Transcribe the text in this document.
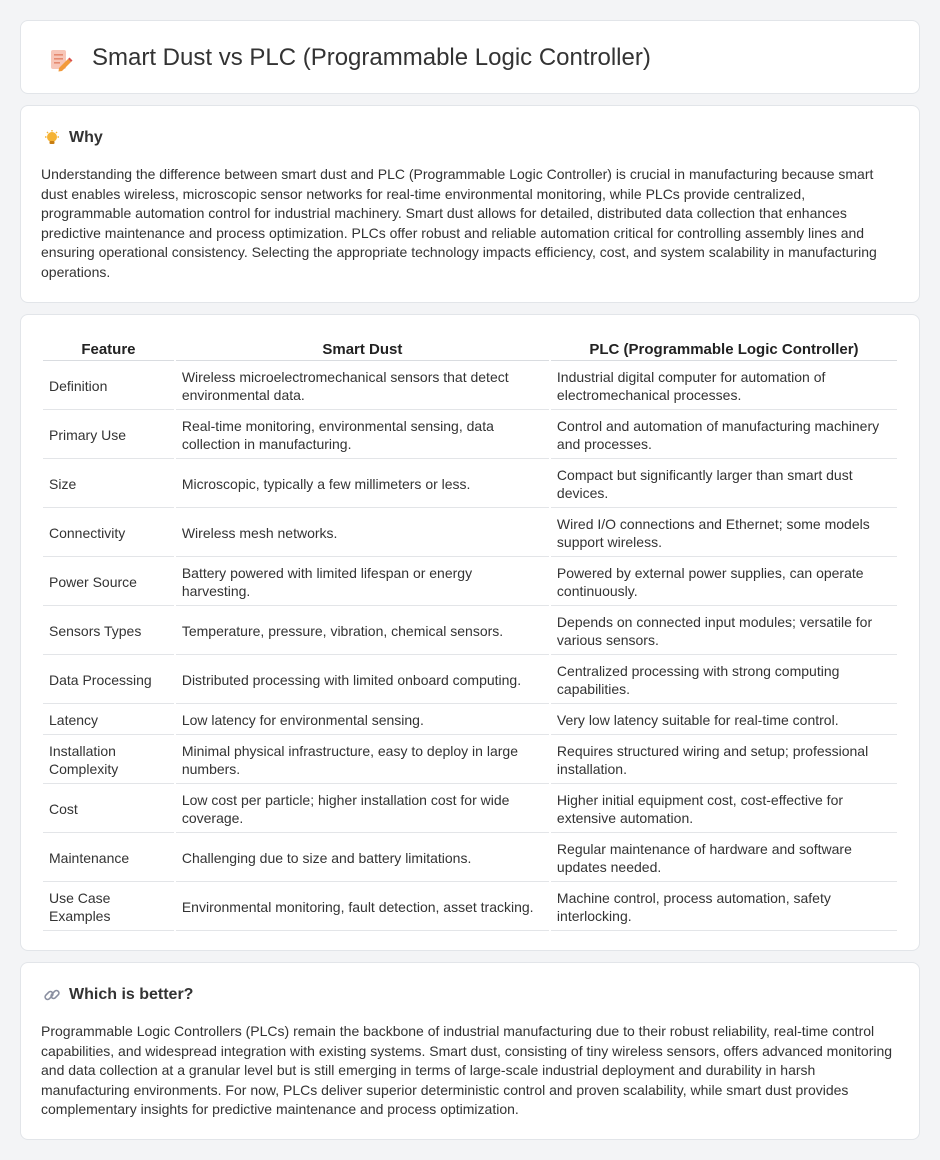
Smart Dust vs PLC (Programmable Logic Controller)
Why

Understanding the difference between smart dust and PLC (Programmable Logic Controller) is crucial in manufacturing because smart dust enables wireless, microscopic sensor networks for real-time environmental monitoring, while PLCs provide centralized, programmable automation control for industrial machinery. Smart dust allows for detailed, distributed data collection that enhances predictive maintenance and process optimization. PLCs offer robust and reliable automation critical for controlling assembly lines and ensuring operational consistency. Selecting the appropriate technology impacts efficiency, cost, and system scalability in manufacturing operations.

Feature	Smart Dust	PLC (Programmable Logic Controller)
Definition	Wireless microelectromechanical sensors that detect environmental data.	Industrial digital computer for automation of electromechanical processes.
Primary Use	Real-time monitoring, environmental sensing, data collection in manufacturing.	Control and automation of manufacturing machinery and processes.
Size	Microscopic, typically a few millimeters or less.	Compact but significantly larger than smart dust devices.
Connectivity	Wireless mesh networks.	Wired I/O connections and Ethernet; some models support wireless.
Power Source	Battery powered with limited lifespan or energy harvesting.	Powered by external power supplies, can operate continuously.
Sensors Types	Temperature, pressure, vibration, chemical sensors.	Depends on connected input modules; versatile for various sensors.
Data Processing	Distributed processing with limited onboard computing.	Centralized processing with strong computing capabilities.
Latency	Low latency for environmental sensing.	Very low latency suitable for real-time control.
Installation Complexity	Minimal physical infrastructure, easy to deploy in large numbers.	Requires structured wiring and setup; professional installation.
Cost	Low cost per particle; higher installation cost for wide coverage.	Higher initial equipment cost, cost-effective for extensive automation.
Maintenance	Challenging due to size and battery limitations.	Regular maintenance of hardware and software updates needed.
Use Case Examples	Environmental monitoring, fault detection, asset tracking.	Machine control, process automation, safety interlocking.
Which is better?

Programmable Logic Controllers (PLCs) remain the backbone of industrial manufacturing due to their robust reliability, real-time control capabilities, and widespread integration with existing systems. Smart dust, consisting of tiny wireless sensors, offers advanced monitoring and data collection at a granular level but is still emerging in terms of large-scale industrial deployment and durability in harsh manufacturing environments. For now, PLCs deliver superior deterministic control and proven scalability, while smart dust provides complementary insights for predictive maintenance and process optimization.
